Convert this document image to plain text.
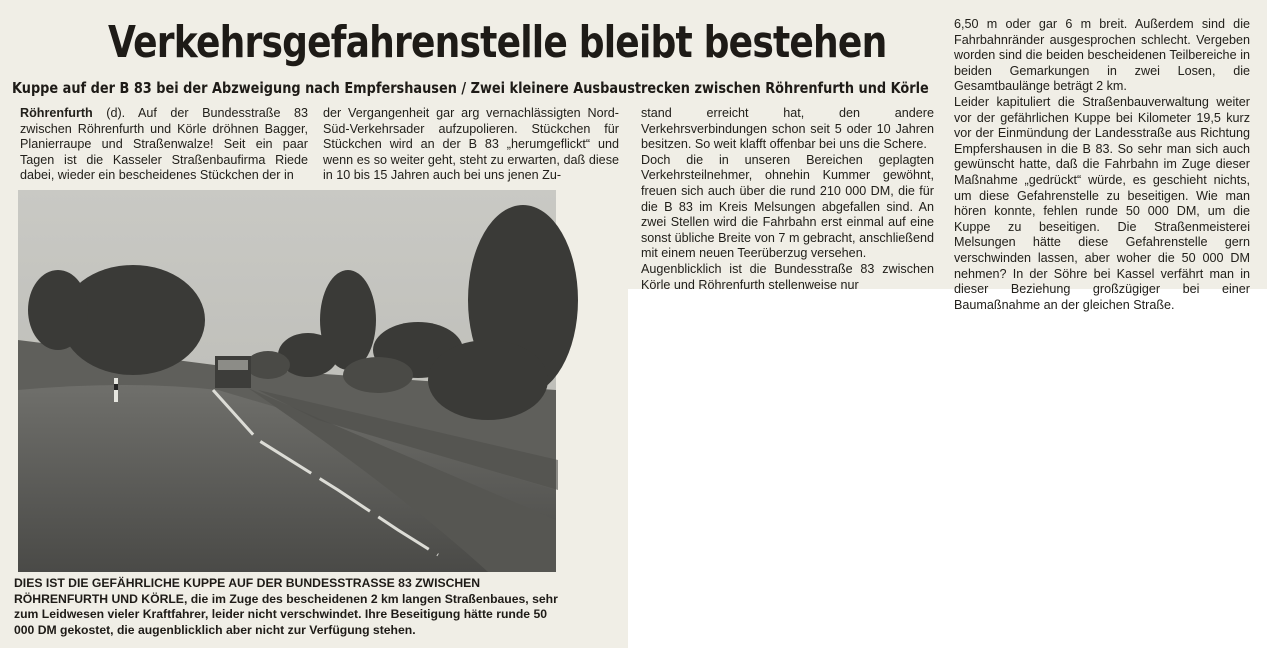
Verkehrsgefahrenstelle bleibt bestehen
Kuppe auf der B 83 bei der Abzweigung nach Empfershausen / Zwei kleinere Ausbaustrecken zwischen Röhrenfurth und Körle
Röhrenfurth (d). Auf der Bundesstraße 83 zwischen Röhrenfurth und Körle dröhnen Bagger, Planierraupe und Straßenwalze! Seit ein paar Tagen ist die Kasseler Straßenbaufirma Riede dabei, wieder ein bescheidenes Stückchen der in
der Vergangenheit gar arg vernachlässigten Nord-Süd-Verkehrsader aufzupolieren. Stückchen für Stückchen wird an der B 83 „herumgeflickt“ und wenn es so weiter geht, steht zu erwarten, daß diese in 10 bis 15 Jahren auch bei uns jenen Zu-
stand erreicht hat, den andere Verkehrsverbindungen schon seit 5 oder 10 Jahren besitzen. So weit klafft offenbar bei uns die Schere.
Doch die in unseren Bereichen geplagten Verkehrsteilnehmer, ohnehin Kummer gewöhnt, freuen sich auch über die rund 210 000 DM, die für die B 83 im Kreis Melsungen abgefallen sind. An zwei Stellen wird die Fahrbahn erst einmal auf eine sonst übliche Breite von 7 m gebracht, anschließend mit einem neuen Teerüberzug versehen.
Augenblicklich ist die Bundesstraße 83 zwischen Körle und Röhrenfurth stellenweise nur
6,50 m oder gar 6 m breit. Außerdem sind die Fahrbahnränder ausgesprochen schlecht. Vergeben worden sind die beiden bescheidenen Teilbereiche in beiden Gemarkungen in zwei Losen, die Gesamtbaulänge beträgt 2 km.
Leider kapituliert die Straßenbauverwaltung weiter vor der gefährlichen Kuppe bei Kilometer 19,5 kurz vor der Einmündung der Landesstraße aus Richtung Empfershausen in die B 83. So sehr man sich auch gewünscht hatte, daß die Fahrbahn im Zuge dieser Maßnahme „gedrückt“ würde, es geschieht nichts, um diese Gefahrenstelle zu beseitigen. Wie man hören konnte, fehlen runde 50 000 DM, um die Kuppe zu beseitigen. Die Straßenmeisterei Melsungen hätte diese Gefahrenstelle gern verschwinden lassen, aber woher die 50 000 DM nehmen? In der Söhre bei Kassel verfährt man in dieser Beziehung großzügiger bei einer Baumaßnahme an der gleichen Straße.
DIES IST DIE GEFÄHRLICHE KUPPE AUF DER BUNDESSTRASSE 83 ZWISCHEN RÖHRENFURTH UND KÖRLE, die im Zuge des bescheidenen 2 km langen Straßenbaues, sehr zum Leidwesen vieler Kraftfahrer, leider nicht verschwindet. Ihre Beseitigung hätte runde 50 000 DM gekostet, die augenblicklich aber nicht zur Verfügung stehen.
